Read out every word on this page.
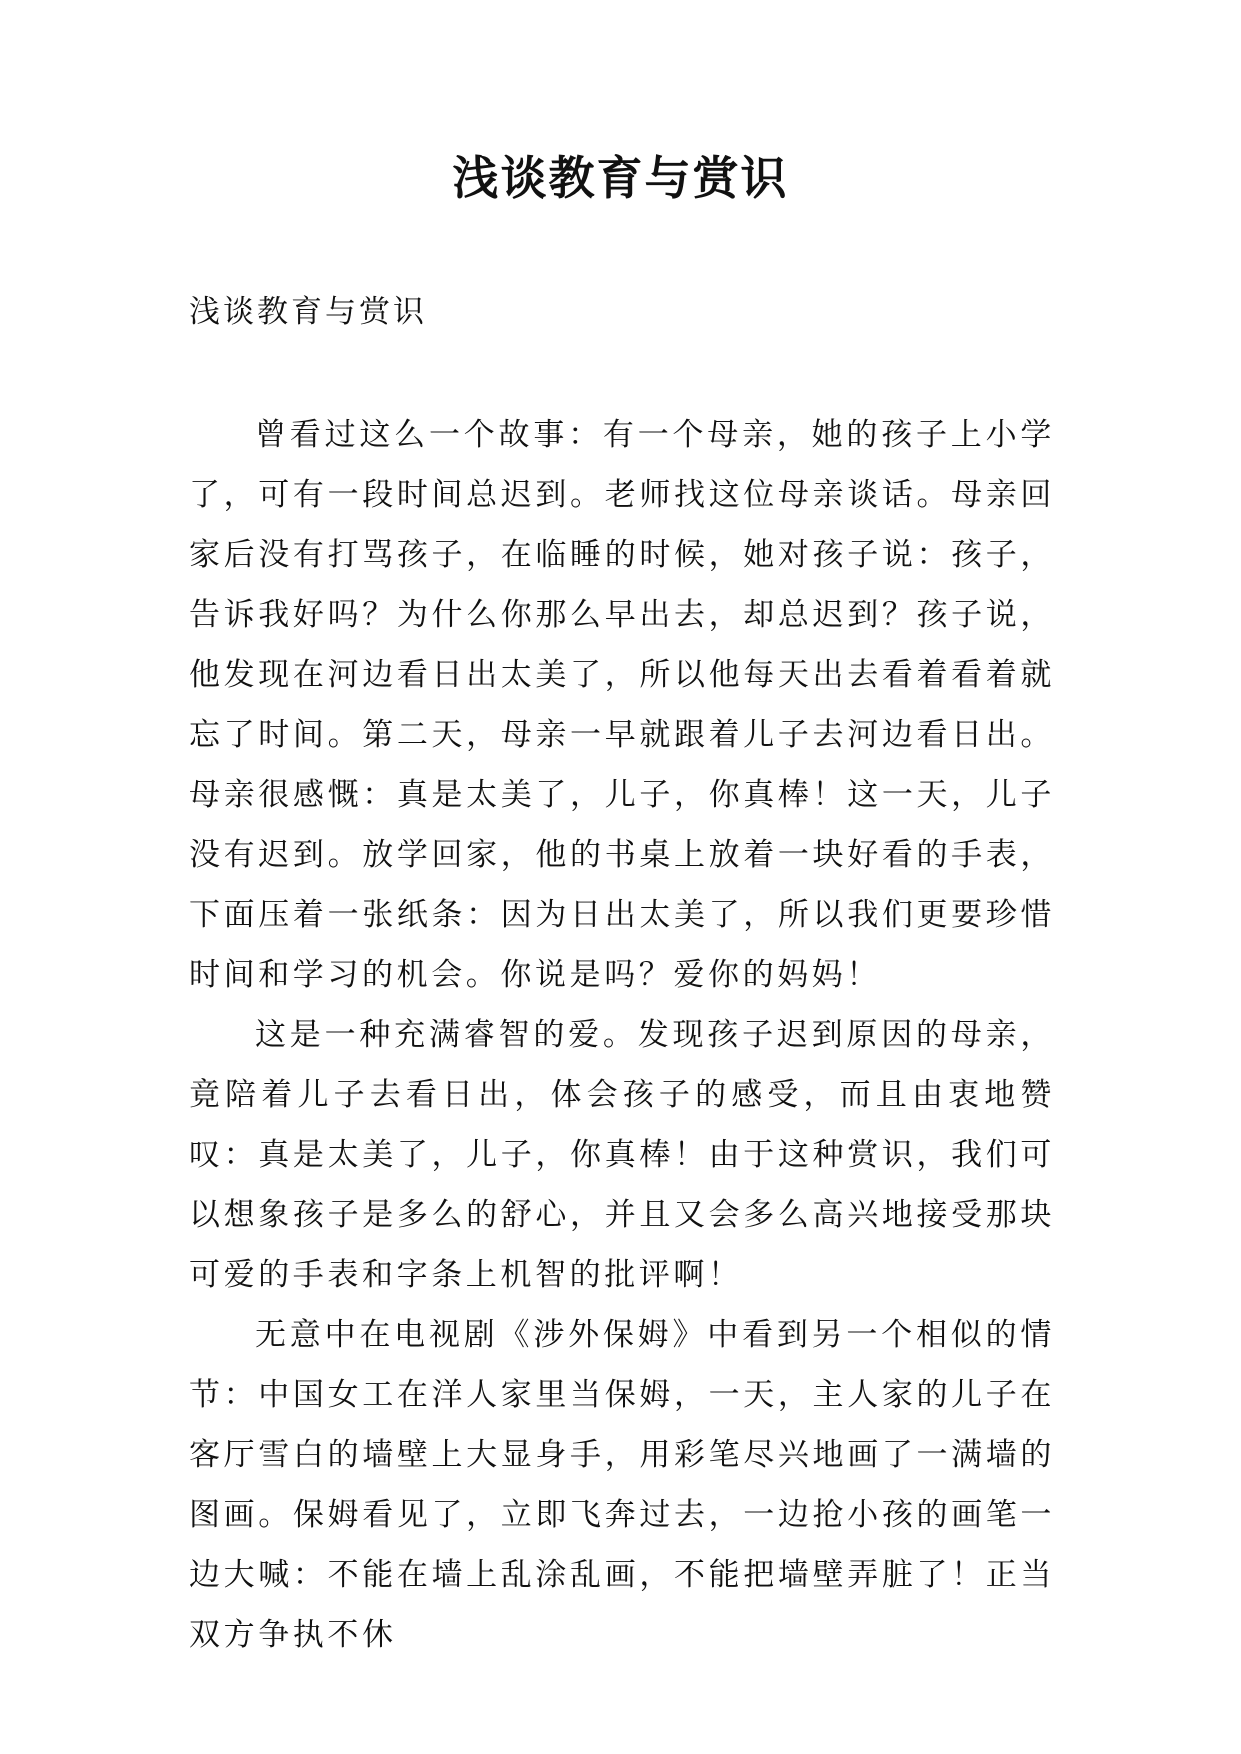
浅谈教育与赏识

浅谈教育与赏识

曾看过这么一个故事：有一个母亲，她的孩子上小学了，可有一段时间总迟到。老师找这位母亲谈话。母亲回家后没有打骂孩子，在临睡的时候，她对孩子说：孩子，告诉我好吗？为什么你那么早出去，却总迟到？孩子说，他发现在河边看日出太美了，所以他每天出去看着看着就忘了时间。第二天，母亲一早就跟着儿子去河边看日出。母亲很感慨：真是太美了，儿子，你真棒！这一天，儿子没有迟到。放学回家，他的书桌上放着一块好看的手表，下面压着一张纸条：因为日出太美了，所以我们更要珍惜时间和学习的机会。你说是吗？爱你的妈妈！

这是一种充满睿智的爱。发现孩子迟到原因的母亲，竟陪着儿子去看日出，体会孩子的感受，而且由衷地赞叹：真是太美了，儿子，你真棒！由于这种赏识，我们可以想象孩子是多么的舒心，并且又会多么高兴地接受那块可爱的手表和字条上机智的批评啊！

无意中在电视剧《涉外保姆》中看到另一个相似的情节：中国女工在洋人家里当保姆，一天，主人家的儿子在客厅雪白的墙壁上大显身手，用彩笔尽兴地画了一满墙的图画。保姆看见了，立即飞奔过去，一边抢小孩的画笔一边大喊：不能在墙上乱涂乱画，不能把墙壁弄脏了！正当双方争执不休
